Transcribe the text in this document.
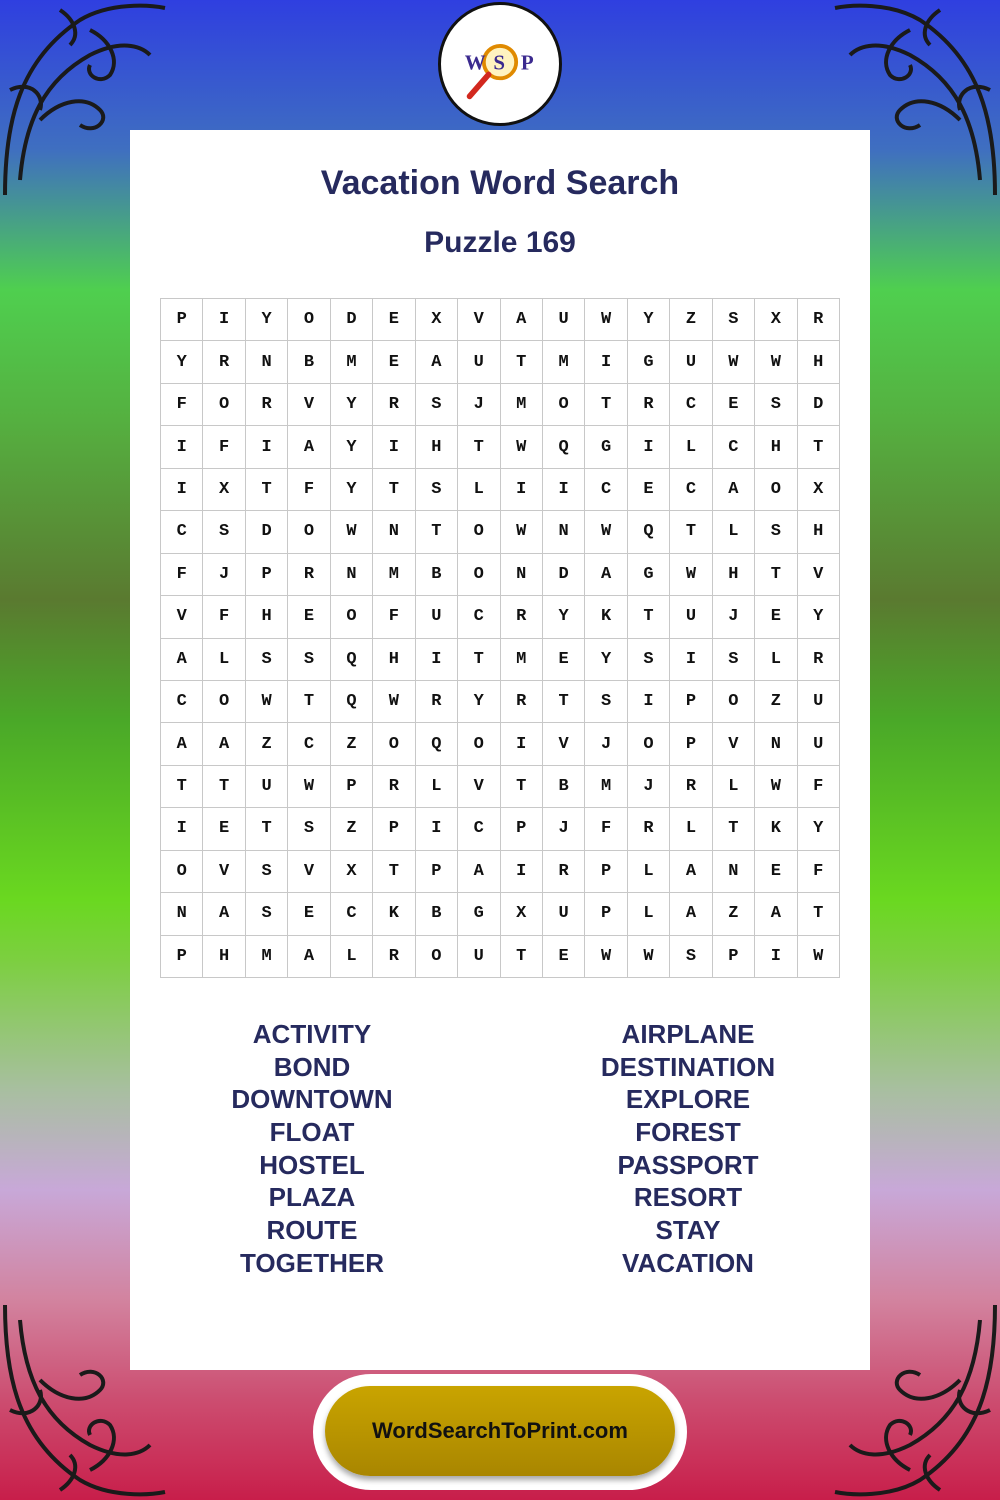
W S P
Vacation Word Search
Puzzle 169
P	I	Y	O	D	E	X	V	A	U	W	Y	Z	S	X	R
Y	R	N	B	M	E	A	U	T	M	I	G	U	W	W	H
F	O	R	V	Y	R	S	J	M	O	T	R	C	E	S	D
I	F	I	A	Y	I	H	T	W	Q	G	I	L	C	H	T
I	X	T	F	Y	T	S	L	I	I	C	E	C	A	O	X
C	S	D	O	W	N	T	O	W	N	W	Q	T	L	S	H
F	J	P	R	N	M	B	O	N	D	A	G	W	H	T	V
V	F	H	E	O	F	U	C	R	Y	K	T	U	J	E	Y
A	L	S	S	Q	H	I	T	M	E	Y	S	I	S	L	R
C	O	W	T	Q	W	R	Y	R	T	S	I	P	O	Z	U
A	A	Z	C	Z	O	Q	O	I	V	J	O	P	V	N	U
T	T	U	W	P	R	L	V	T	B	M	J	R	L	W	F
I	E	T	S	Z	P	I	C	P	J	F	R	L	T	K	Y
O	V	S	V	X	T	P	A	I	R	P	L	A	N	E	F
N	A	S	E	C	K	B	G	X	U	P	L	A	Z	A	T
P	H	M	A	L	R	O	U	T	E	W	W	S	P	I	W
ACTIVITY
BOND
DOWNTOWN
FLOAT
HOSTEL
PLAZA
ROUTE
TOGETHER
AIRPLANE
DESTINATION
EXPLORE
FOREST
PASSPORT
RESORT
STAY
VACATION
WordSearchToPrint.com
